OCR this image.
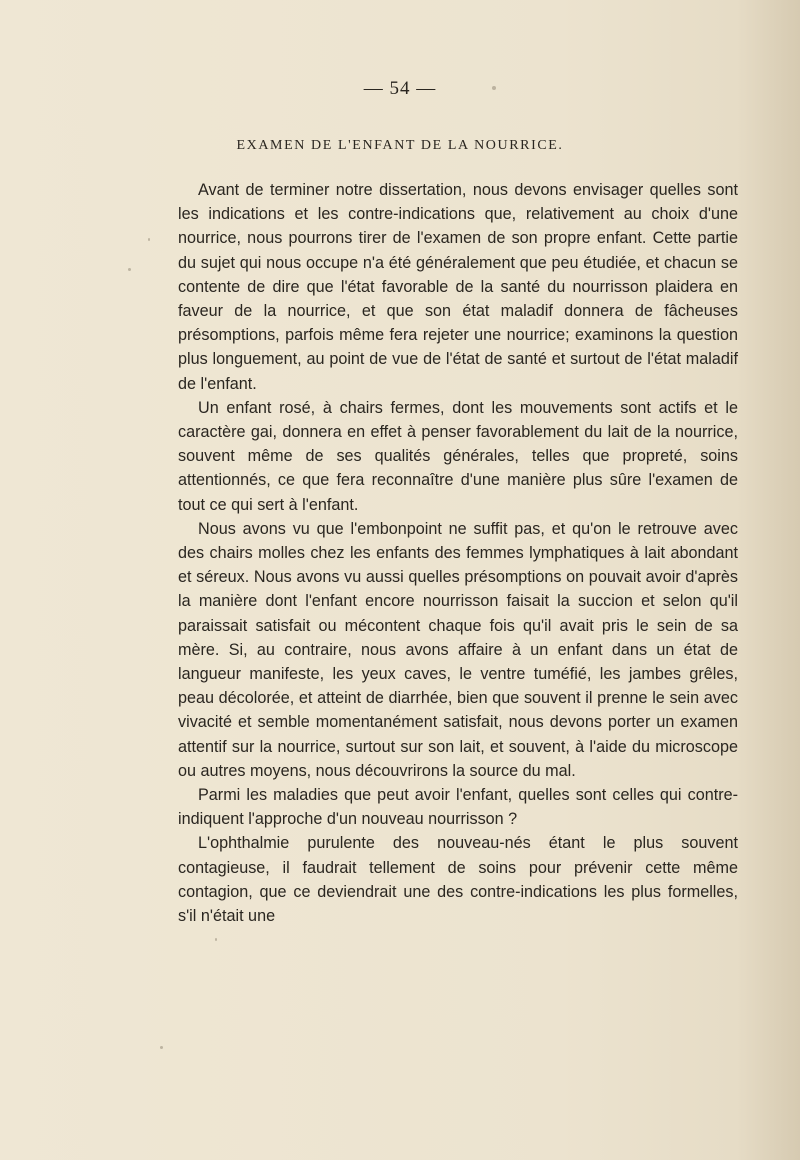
— 54 —
EXAMEN DE L'ENFANT DE LA NOURRICE.

Avant de terminer notre dissertation, nous devons envisager quelles sont les indications et les contre-indications que, relativement au choix d'une nourrice, nous pourrons tirer de l'examen de son propre enfant. Cette partie du sujet qui nous occupe n'a été généralement que peu étudiée, et chacun se contente de dire que l'état favorable de la santé du nourrisson plaidera en faveur de la nourrice, et que son état maladif donnera de fâcheuses présomptions, parfois même fera rejeter une nourrice; examinons la question plus longuement, au point de vue de l'état de santé et surtout de l'état maladif de l'enfant.

Un enfant rosé, à chairs fermes, dont les mouvements sont actifs et le caractère gai, donnera en effet à penser favorablement du lait de la nourrice, souvent même de ses qualités générales, telles que propreté, soins attentionnés, ce que fera reconnaître d'une manière plus sûre l'examen de tout ce qui sert à l'enfant.

Nous avons vu que l'embonpoint ne suffit pas, et qu'on le retrouve avec des chairs molles chez les enfants des femmes lymphatiques à lait abondant et séreux. Nous avons vu aussi quelles présomptions on pouvait avoir d'après la manière dont l'enfant encore nourrisson faisait la succion et selon qu'il paraissait satisfait ou mécontent chaque fois qu'il avait pris le sein de sa mère. Si, au contraire, nous avons affaire à un enfant dans un état de langueur manifeste, les yeux caves, le ventre tuméfié, les jambes grêles, peau décolorée, et atteint de diarrhée, bien que souvent il prenne le sein avec vivacité et semble momentanément satisfait, nous devons porter un examen attentif sur la nourrice, surtout sur son lait, et souvent, à l'aide du microscope ou autres moyens, nous découvrirons la source du mal.

Parmi les maladies que peut avoir l'enfant, quelles sont celles qui contre-indiquent l'approche d'un nouveau nourrisson ?

L'ophthalmie purulente des nouveau-nés étant le plus souvent contagieuse, il faudrait tellement de soins pour prévenir cette même contagion, que ce deviendrait une des contre-indications les plus formelles, s'il n'était une
